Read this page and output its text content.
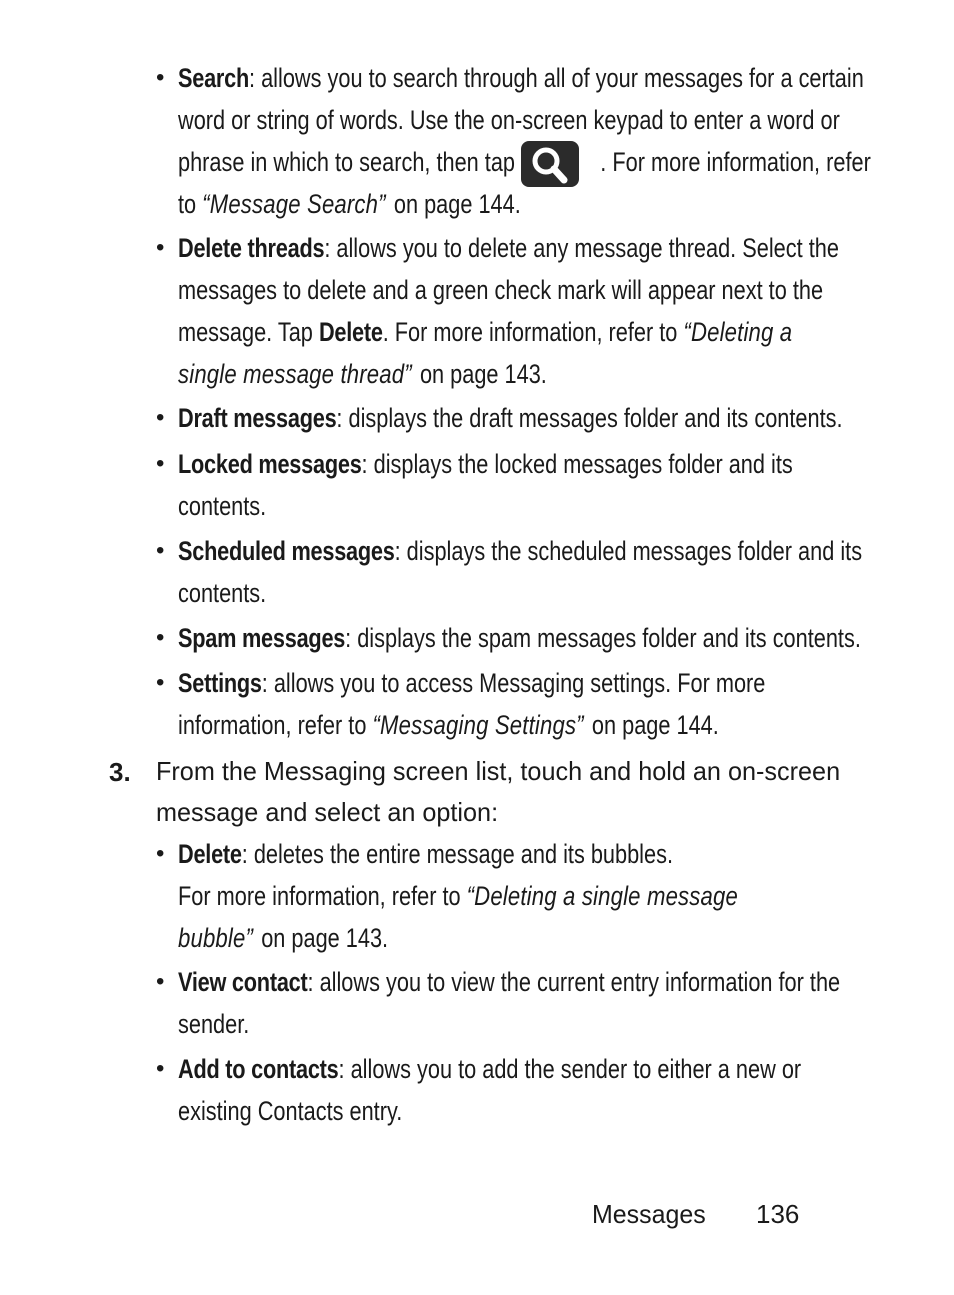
• Search: allows you to search through all of your messages for a certain
word or string of words. Use the on-screen keypad to enter a word or
phrase in which to search, then tap	. For more information, refer
to “Message Search” on page 144.
• Delete threads: allows you to delete any message thread. Select the
messages to delete and a green check mark will appear next to the
message. Tap Delete. For more information, refer to “Deleting a
single message thread” on page 143.
• Draft messages: displays the draft messages folder and its contents.
• Locked messages: displays the locked messages folder and its
contents.
• Scheduled messages: displays the scheduled messages folder and its
contents.
• Spam messages: displays the spam messages folder and its contents.
• Settings: allows you to access Messaging settings. For more
information, refer to “Messaging Settings” on page 144.
3. From the Messaging screen list, touch and hold an on-screen
message and select an option:
• Delete: deletes the entire message and its bubbles.
For more information, refer to “Deleting a single message
bubble” on page 143.
• View contact: allows you to view the current entry information for the
sender.
• Add to contacts: allows you to add the sender to either a new or
existing Contacts entry.
Messages 136
